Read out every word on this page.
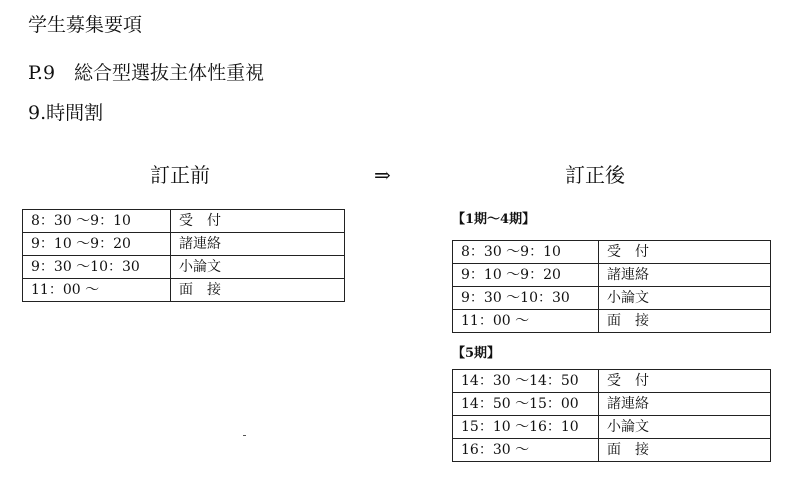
学生募集要項
P.9　総合型選抜主体性重視
9.時間割
訂正前	⇒	訂正後
8：30 〜9：10	受　付
9：10 〜9：20	諸連絡
9：30 〜10：30	小論文
11：00 〜	面　接
【1期〜4期】
8：30 〜9：10	受　付
9：10 〜9：20	諸連絡
9：30 〜10：30	小論文
11：00 〜	面　接
【5期】
14：30 〜14：50	受　付
14：50 〜15：00	諸連絡
15：10 〜16：10	小論文
16：30 〜	面　接
